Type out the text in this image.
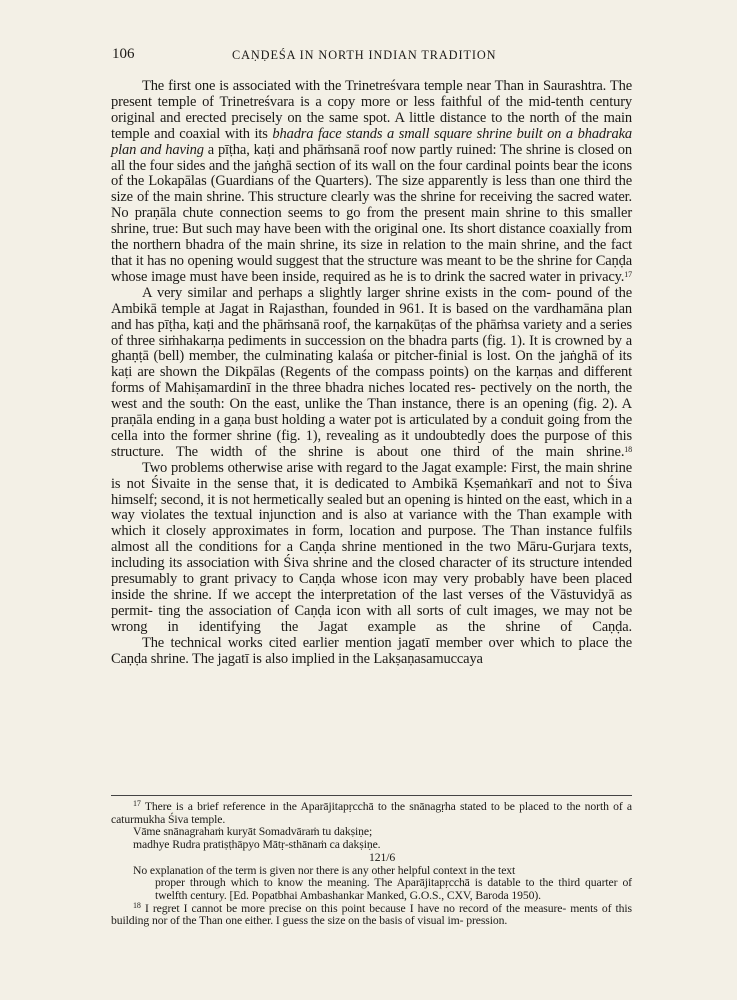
106	CAṆḌEŚA IN NORTH INDIAN TRADITION

The first one is associated with the Trinetreśvara temple near Than in Saurashtra. The present temple of Trinetreśvara is a copy more or less faithful of the mid-tenth century original and erected precisely on the same spot. A little distance to the north of the main temple and coaxial with its bhadra face stands a small square shrine built on a bhadraka plan and having a pīṭha, kaṭi and phāṁsanā roof now partly ruined: The shrine is closed on all the four sides and the jaṅghā section of its wall on the four cardinal points bear the icons of the Lokapālas (Guardians of the Quarters). The size apparently is less than one third the size of the main shrine. This structure clearly was the shrine for receiving the sacred water. No praṇāla chute connection seems to go from the present main shrine to this smaller shrine, true: But such may have been with the original one. Its short distance coaxially from the northern bhadra of the main shrine, its size in relation to the main shrine, and the fact that it has no opening would suggest that the structure was meant to be the shrine for Caṇḍa whose image must have been inside, required as he is to drink the sacred water in privacy.$^{17}$

A very similar and perhaps a slightly larger shrine exists in the com- pound of the Ambikā temple at Jagat in Rajasthan, founded in 961. It is based on the vardhamāna plan and has pīṭha, kaṭi and the phāṁsanā roof, the karṇakūṭas of the phāṁsa variety and a series of three siṁhakarṇa pediments in succession on the bhadra parts (fig. 1). It is crowned by a ghaṇṭā (bell) member, the culminating kalaśa or pitcher-finial is lost. On the jaṅghā of its kaṭi are shown the Dikpālas (Regents of the compass points) on the karṇas and different forms of Mahiṣamardinī in the three bhadra niches located res- pectively on the north, the west and the south: On the east, unlike the Than instance, there is an opening (fig. 2). A praṇāla ending in a gaṇa bust holding a water pot is articulated by a conduit going from the cella into the former shrine (fig. 1), revealing as it undoubtedly does the purpose of this structure. The width of the shrine is about one third of the main shrine.$^{18}$

Two problems otherwise arise with regard to the Jagat example: First, the main shrine is not Śivaite in the sense that, it is dedicated to Ambikā Kṣemaṅkarī and not to Śiva himself; second, it is not hermetically sealed but an opening is hinted on the east, which in a way violates the textual injunction and is also at variance with the Than example with which it closely approximates in form, location and purpose. The Than instance fulfils almost all the conditions for a Caṇḍa shrine mentioned in the two Māru-Gurjara texts, including its association with Śiva shrine and the closed character of its structure intended presumably to grant privacy to Caṇḍa whose icon may very probably have been placed inside the shrine. If we accept the interpretation of the last verses of the Vāstuvidyā as permit- ting the association of Caṇḍa icon with all sorts of cult images, we may not be wrong in identifying the Jagat example as the shrine of Caṇḍa.

The technical works cited earlier mention jagatī member over which to place the Caṇḍa shrine. The jagatī is also implied in the Lakṣaṇasamuccaya

$^{17}$ There is a brief reference in the Aparājitapṛcchā to the snānagṛha stated to be placed to the north of a caturmukha Śiva temple.

Vāme snānagrahaṁ kuryāt Somadvāraṁ tu dakṣiṇe;

madhye Rudra pratiṣṭhāpyo Mātṛ-sthānaṁ ca dakṣiṇe.

121/6

No explanation of the term is given nor there is any other helpful context in the text

proper through which to know the meaning. The Aparājitapṛcchā is datable to the third quarter of twelfth century. [Ed. Popatbhai Ambashankar Manked, G.O.S., CXV, Baroda 1950).

$^{18}$ I regret I cannot be more precise on this point because I have no record of the measure- ments of this building nor of the Than one either. I guess the size on the basis of visual im- pression.
